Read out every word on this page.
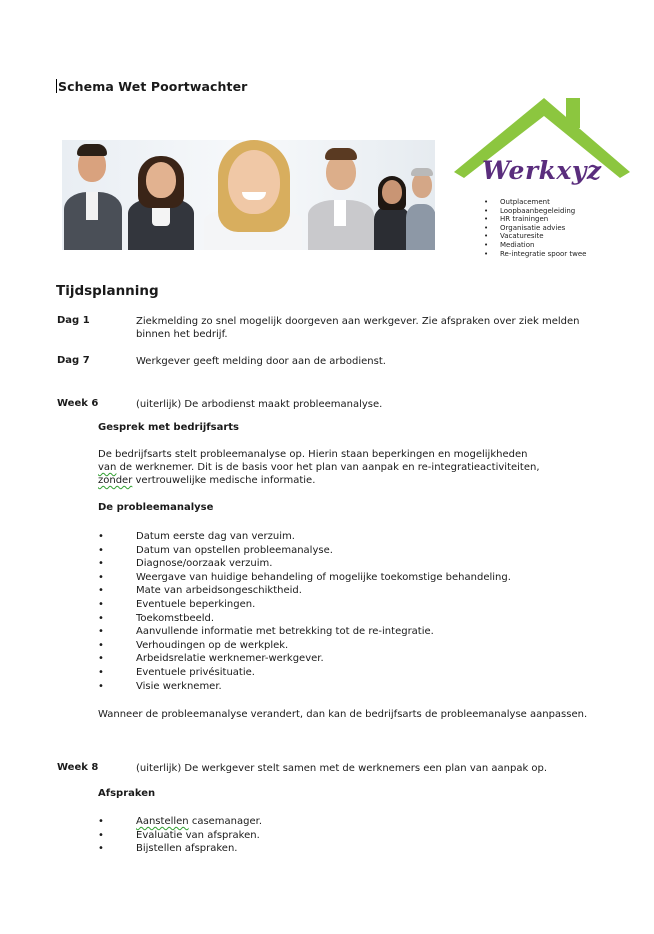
Schema Wet Poortwachter
Werkxyz
• Outplacement
• Loopbaanbegeleiding
• HR trainingen
• Organisatie advies
• Vacaturesite
• Mediation
• Re-integratie spoor twee
Tijdsplanning
Dag 1	Ziekmelding zo snel mogelijk doorgeven aan werkgever. Zie afspraken over ziek melden binnen het bedrijf.
Dag 7	Werkgever geeft melding door aan de arbodienst.
Week 6	(uiterlijk) De arbodienst maakt probleemanalyse.
Gesprek met bedrijfsarts
De bedrijfsarts stelt probleemanalyse op. Hierin staan beperkingen en mogelijkheden
van de werknemer. Dit is de basis voor het plan van aanpak en re-integratieactiviteiten,
zonder vertrouwelijke medische informatie.
De probleemanalyse
• Datum eerste dag van verzuim.
• Datum van opstellen probleemanalyse.
• Diagnose/oorzaak verzuim.
• Weergave van huidige behandeling of mogelijke toekomstige behandeling.
• Mate van arbeidsongeschiktheid.
• Eventuele beperkingen.
• Toekomstbeeld.
• Aanvullende informatie met betrekking tot de re-integratie.
• Verhoudingen op de werkplek.
• Arbeidsrelatie werknemer-werkgever.
• Eventuele privésituatie.
• Visie werknemer.
Wanneer de probleemanalyse verandert, dan kan de bedrijfsarts de probleemanalyse aanpassen.
Week 8	(uiterlijk) De werkgever stelt samen met de werknemers een plan van aanpak op.
Afspraken
• Aanstellen casemanager.
• Evaluatie van afspraken.
• Bijstellen afspraken.
